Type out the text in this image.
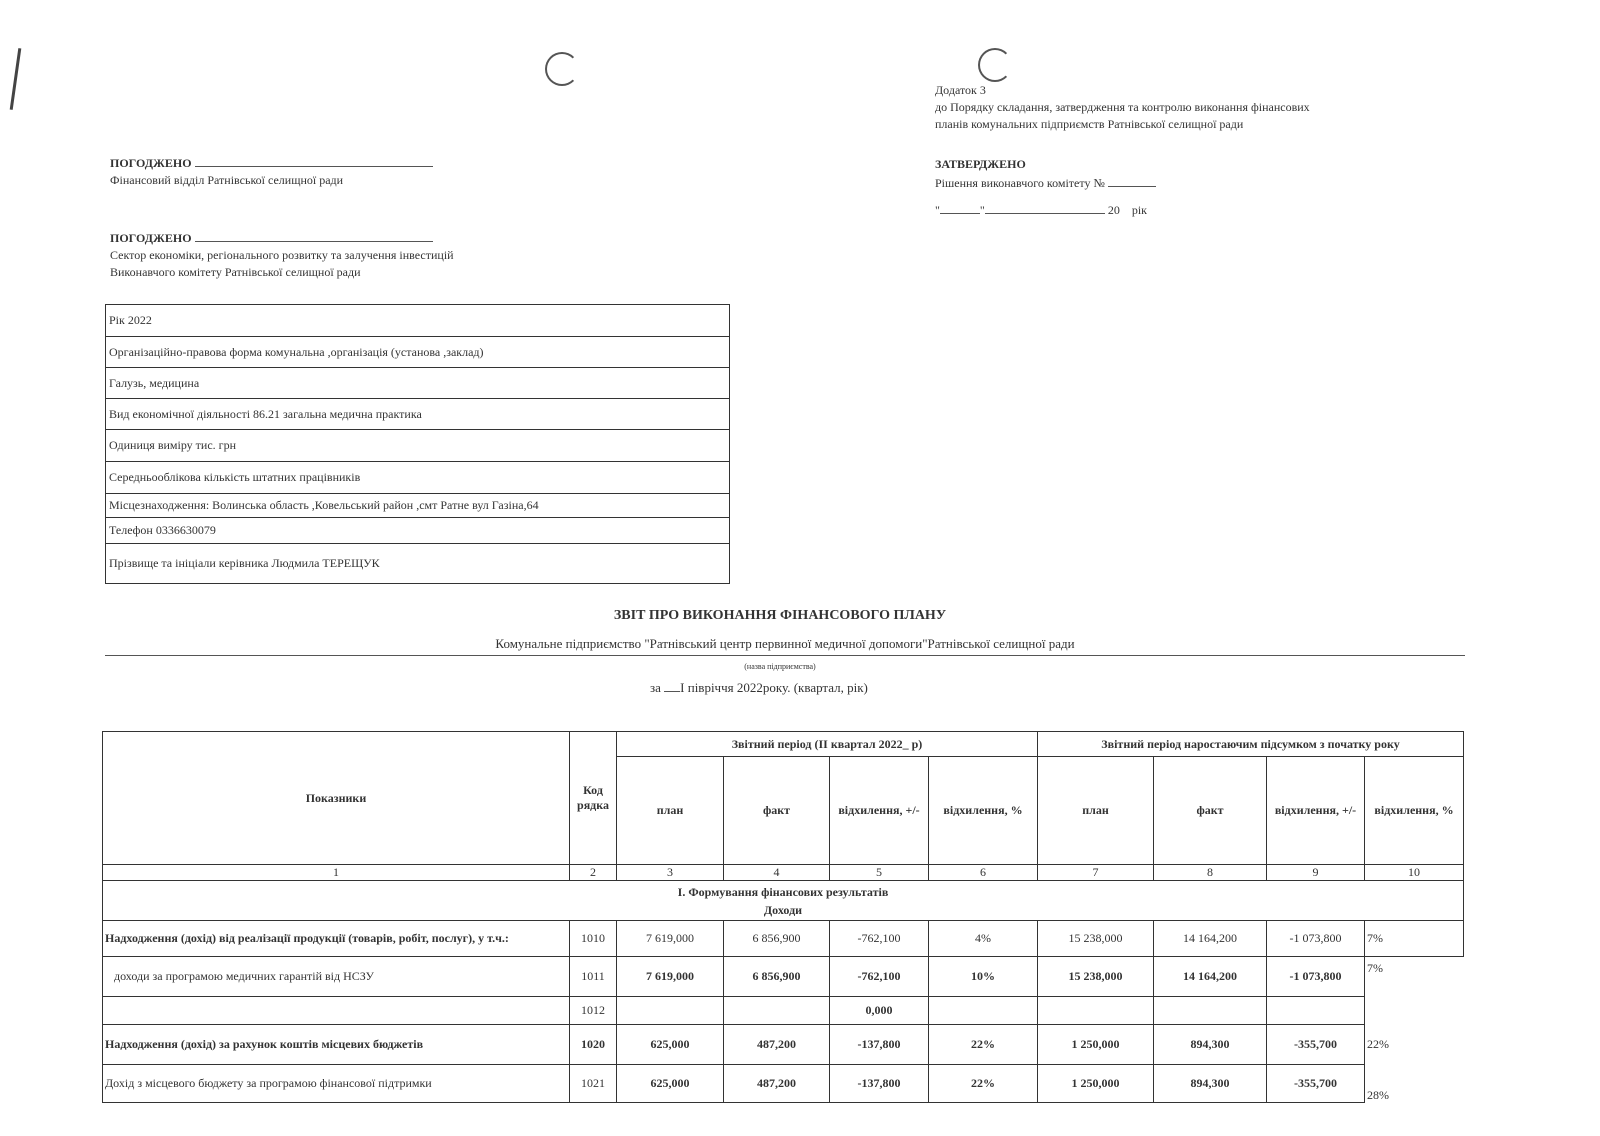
Додаток 3
до Порядку складання, затвердження та контролю виконання фінансових
планів комунальних підприємств Ратнівської селищної ради
ПОГОДЖЕНО
Фінансовий відділ Ратнівської селищної ради
ПОГОДЖЕНО
Сектор економіки, регіонального розвитку та залучення інвестицій
Виконавчого комітету Ратнівської селищної ради
ЗАТВЕРДЖЕНО
Рішення виконавчого комітету №
"	"	20 рік
Рік 2022
Організаційно-правова форма комунальна ,організація (установа ,заклад)
Галузь, медицина
Вид економічної діяльності 86.21 загальна медична практика
Одиниця виміру тис. грн
Середньооблікова кількість штатних працівників
Місцезнаходження: Волинська область ,Ковельський район ,смт Ратне вул Газіна,64
Телефон 0336630079
Прізвище та ініціали керівника Людмила ТЕРЕЩУК
ЗВІТ ПРО ВИКОНАННЯ ФІНАНСОВОГО ПЛАНУ
Комунальне підприємство "Ратнівський центр первинної медичної допомоги"Ратнівської селищної ради
(назва підприємства)
за І півріччя 2022року. (квартал, рік)
Показники	Код рядка	Звітний період (ІІ квартал 2022_ р)				Звітний період наростаючим підсумком з початку року			
		план	факт	відхилення, +/-	відхилення, %	план	факт	відхилення, +/-	відхилення, %
1	2	3	4	5	6	7	8	9	10

І. Формування фінансових результатів
Доходи									

Надходження (дохід) від реалізації продукції (товарів, робіт, послуг), у т.ч.:	1010	7 619,000	6 856,900	-762,100	4%	15 238,000	14 164,200	-1 073,800	7%
доходи за програмою медичних гарантій від НСЗУ	1011	7 619,000	6 856,900	-762,100	10%	15 238,000	14 164,200	-1 073,800	7%
	1012			0,000					
Надходження (дохід) за рахунок коштів місцевих бюджетів	1020	625,000	487,200	-137,800	22%	1 250,000	894,300	-355,700	22%
Дохід з місцевого бюджету за програмою фінансової підтримки	1021	625,000	487,200	-137,800	22%	1 250,000	894,300	-355,700	28%
